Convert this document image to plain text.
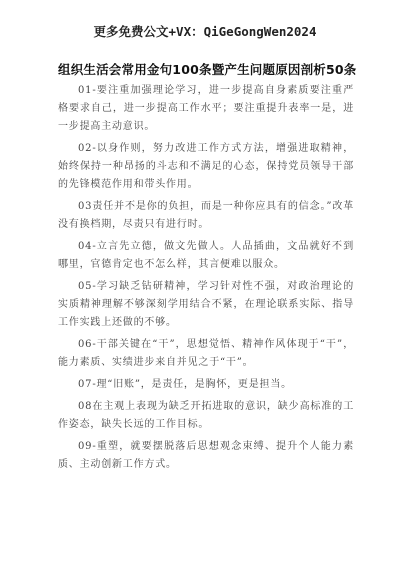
更多免费公文+VX：QiGeGongWen2024
组织生活会常用金句100条暨产生问题原因剖析50条

01-要注重加强理论学习，进一步提高自身素质要注重严格要求自己，进一步提高工作水平；要注重提升表率一是，进一步提高主动意识。

02-以身作则，努力改进工作方式方法，增强进取精神，始终保持一种昂扬的斗志和不满足的心态，保持党员领导干部的先锋模范作用和带头作用。

03责任并不是你的负担，而是一种你应具有的信念。”改革没有换档期，尽责只有进行时。

04-立言先立德，做文先做人。人品插曲，文品就好不到哪里，官德肯定也不怎么样，其言便难以服众。

05-学习缺乏钻研精神，学习针对性不强，对政治理论的实质精神理解不够深刻学用结合不紧，在理论联系实际、指导工作实践上还做的不够。

06-干部关键在“干”，思想觉悟、精神作风体现于“干”，能力素质、实绩进步来自并见之于“干”。

07-理“旧账”，是责任，是胸怀，更是担当。

08在主观上表现为缺乏开拓进取的意识，缺少高标准的工作姿态，缺失长远的工作目标。

09-重塑，就要摆脱落后思想观念束缚、提升个人能力素质、主动创新工作方式。
